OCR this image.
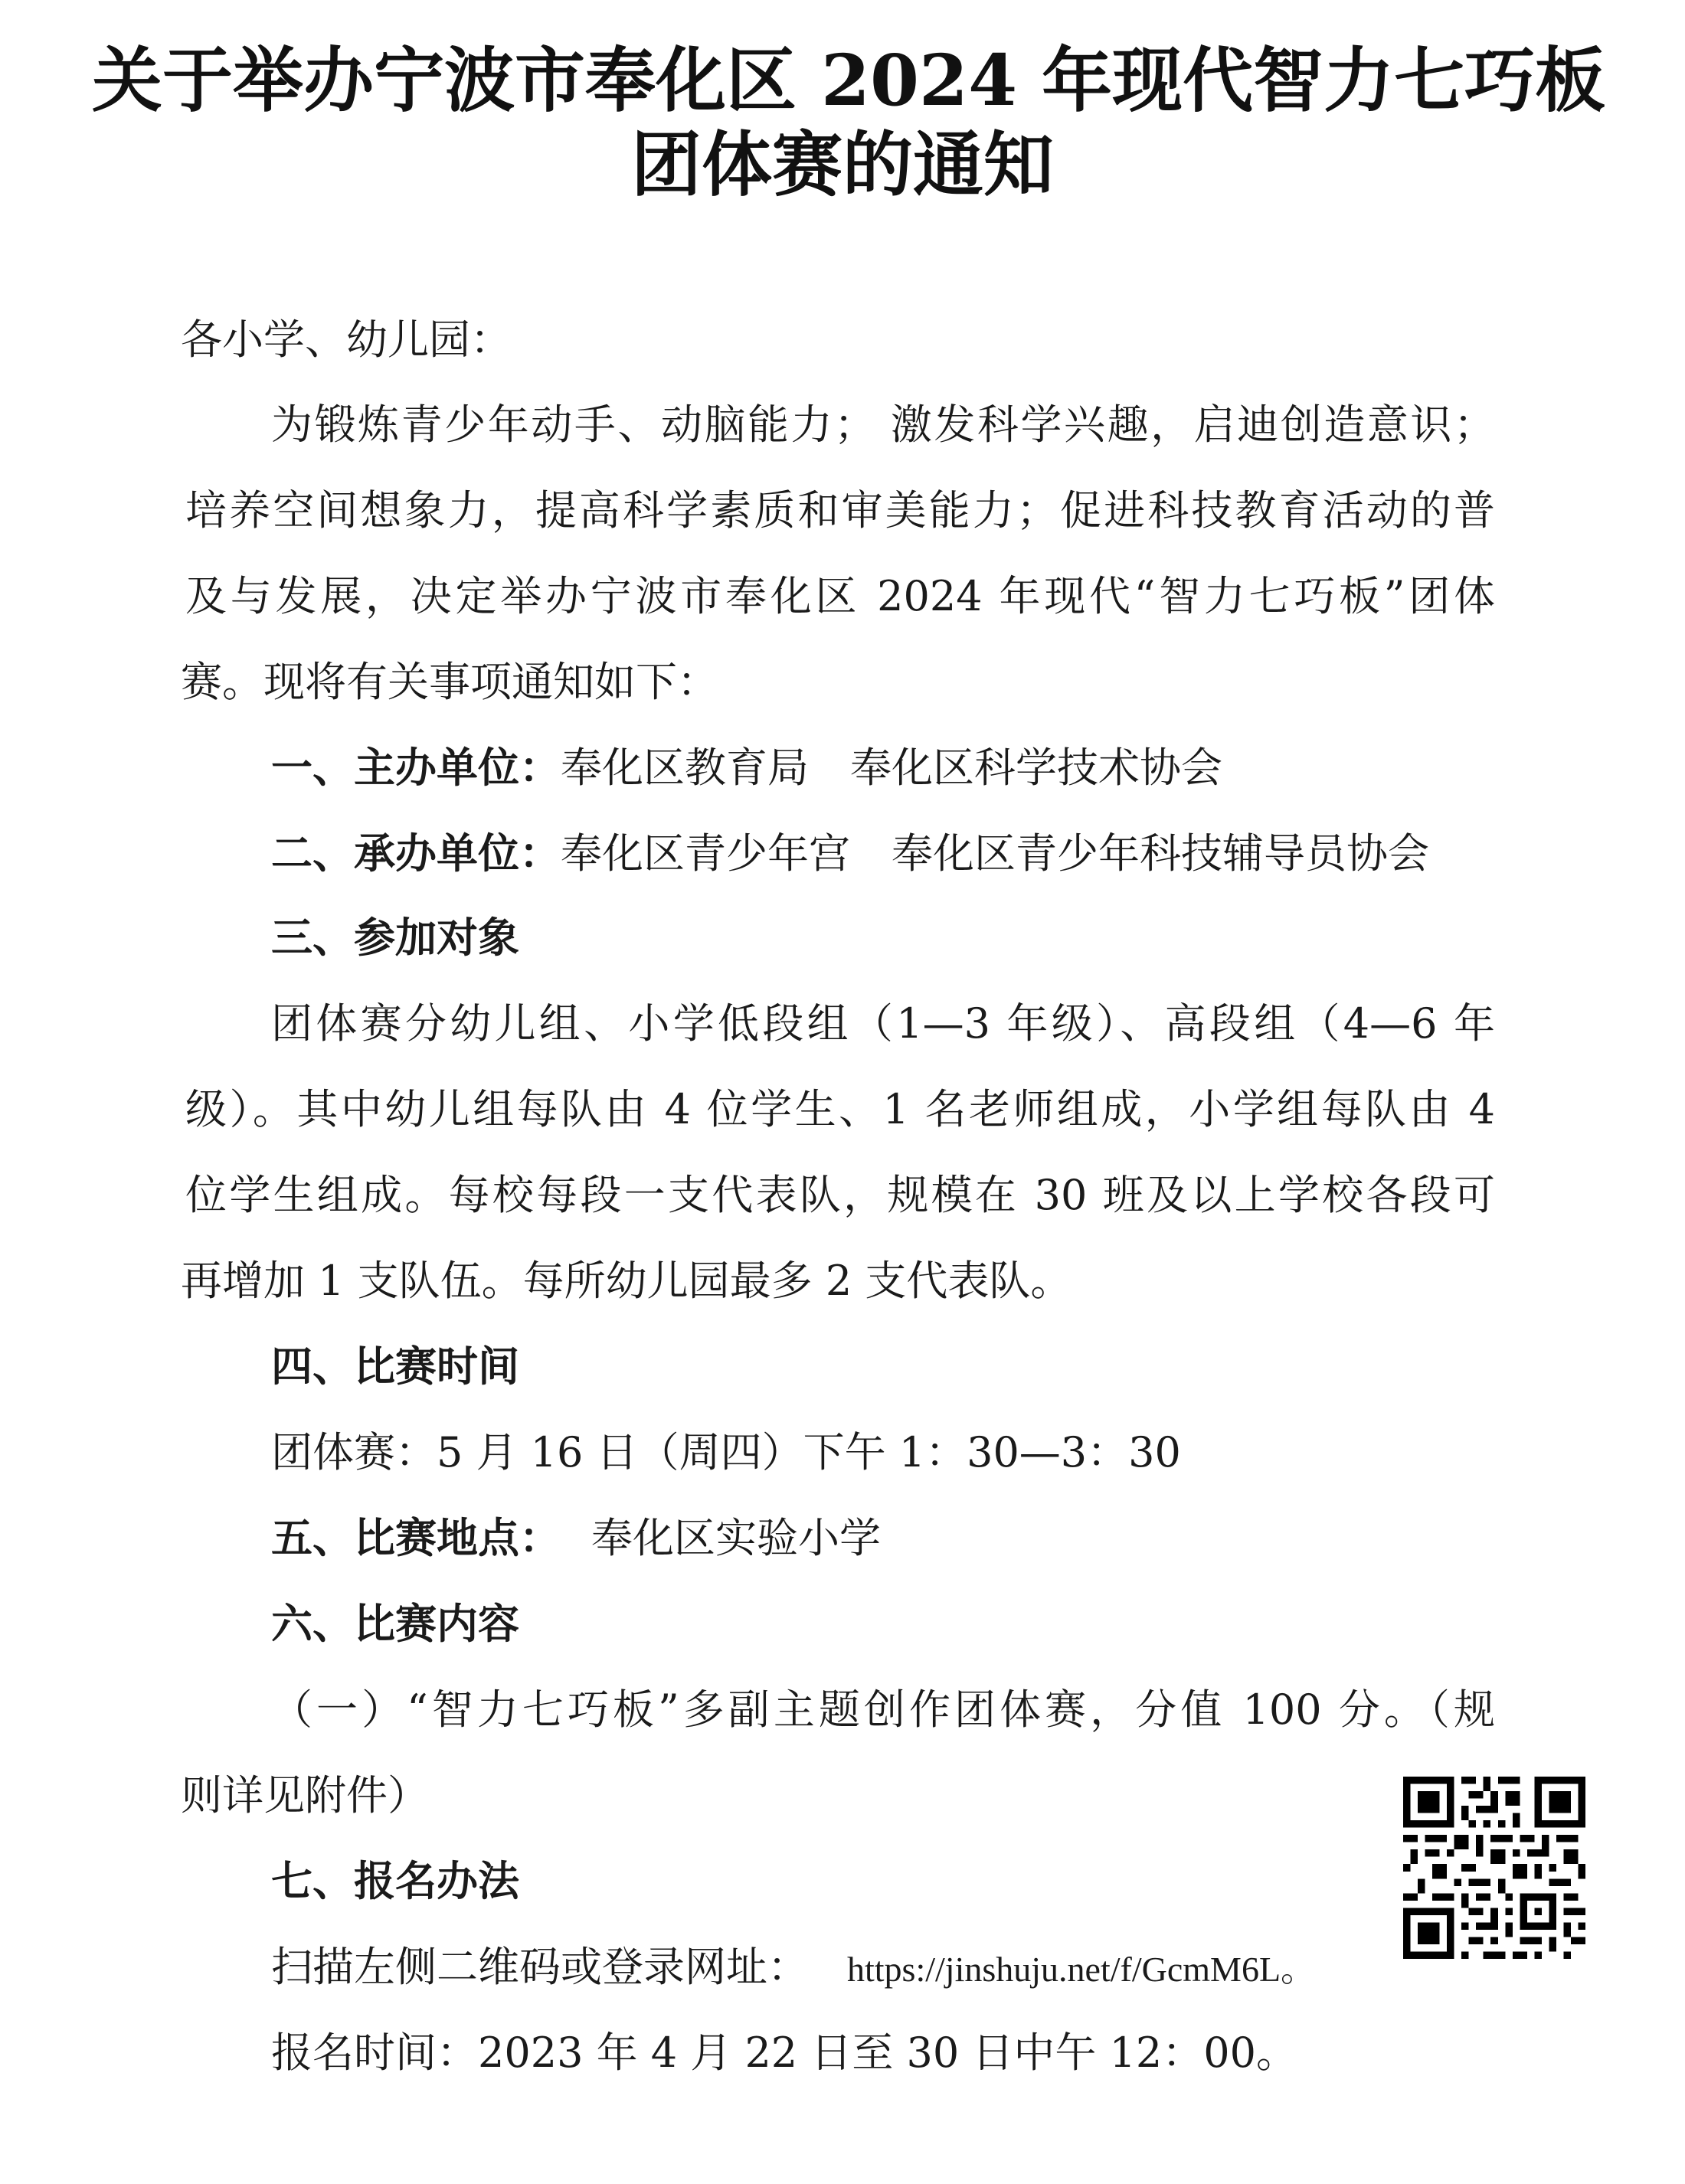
关于举办宁波市奉化区 2024 年现代智力七巧板
团体赛的通知
各小学、幼儿园：
为锻炼青少年动手、动脑能力； 激发科学兴趣，启迪创造意识；
培养空间想象力，提高科学素质和审美能力；促进科技教育活动的普
及与发展，决定举办宁波市奉化区 2024 年现代“智力七巧板”团体
赛。现将有关事项通知如下：
一、主办单位：奉化区教育局　奉化区科学技术协会
二、承办单位：奉化区青少年宫　奉化区青少年科技辅导员协会
三、参加对象
团体赛分幼儿组、小学低段组（1—3 年级）、高段组（4—6 年
级）。其中幼儿组每队由 4 位学生、1 名老师组成，小学组每队由 4
位学生组成。每校每段一支代表队，规模在 30 班及以上学校各段可
再增加 1 支队伍。每所幼儿园最多 2 支代表队。
四、比赛时间
团体赛：5 月 16 日（周四）下午 1：30—3：30
五、比赛地点： 奉化区实验小学
六、比赛内容
（一）“智力七巧板”多副主题创作团体赛，分值 100 分。（规
则详见附件）
七、报名办法
扫描左侧二维码或登录网址： https://jinshuju.net/f/GcmM6L。
报名时间：2023 年 4 月 22 日至 30 日中午 12：00。
